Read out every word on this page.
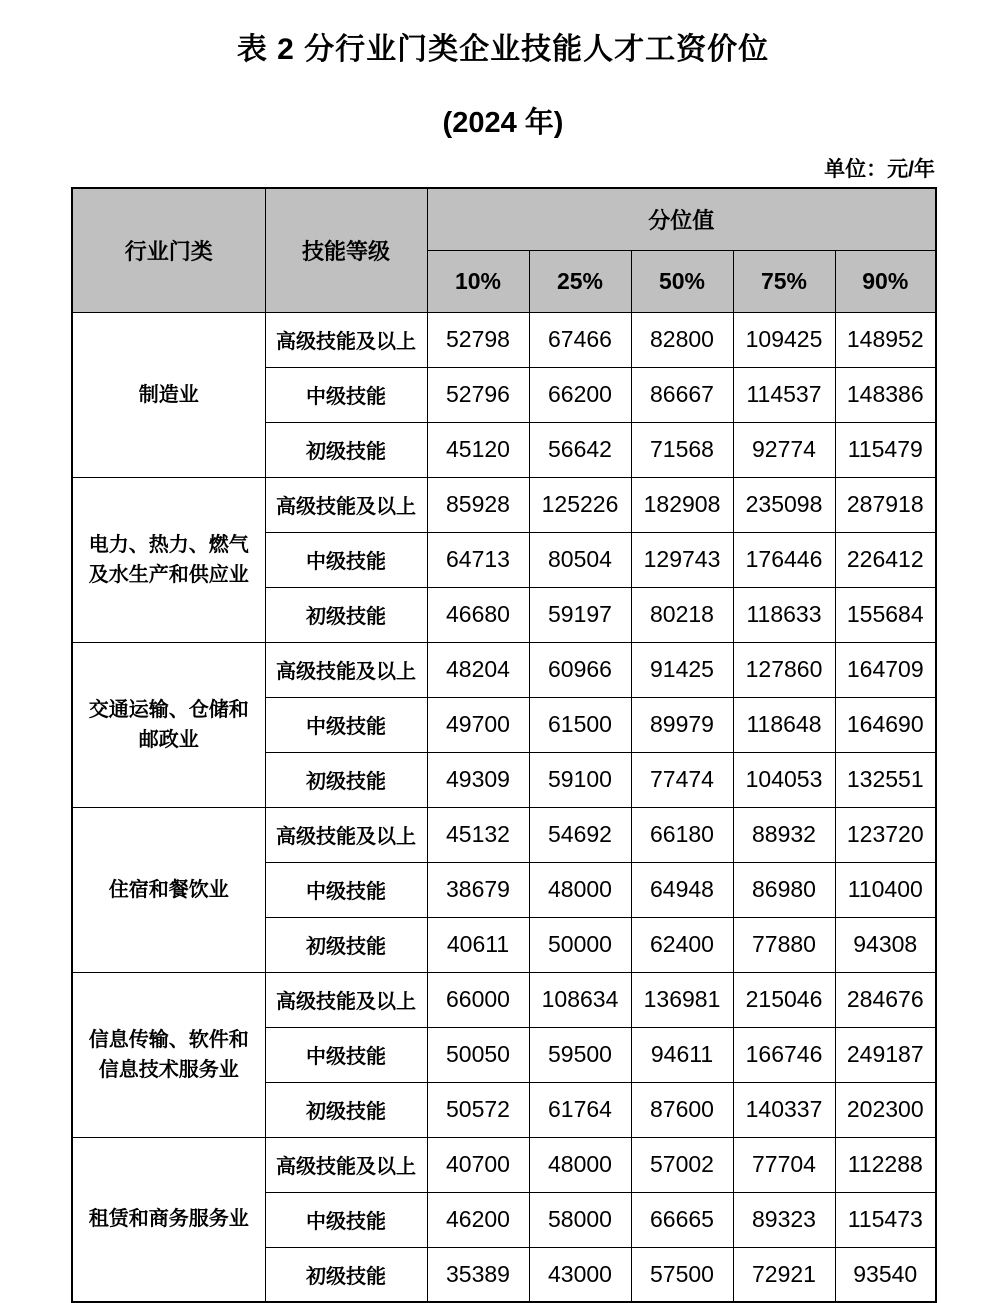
表 2 分行业门类企业技能人才工资价位
(2024 年)
单位：元/年
行业门类	技能等级	分位值				
		10%	25%	50%	75%	90%
制造业	高级技能及以上	52798	67466	82800	109425	148952
	中级技能	52796	66200	86667	114537	148386
	初级技能	45120	56642	71568	92774	115479
电力、热力、燃气及水生产和供应业	高级技能及以上	85928	125226	182908	235098	287918
	中级技能	64713	80504	129743	176446	226412
	初级技能	46680	59197	80218	118633	155684
交通运输、仓储和邮政业	高级技能及以上	48204	60966	91425	127860	164709
	中级技能	49700	61500	89979	118648	164690
	初级技能	49309	59100	77474	104053	132551
住宿和餐饮业	高级技能及以上	45132	54692	66180	88932	123720
	中级技能	38679	48000	64948	86980	110400
	初级技能	40611	50000	62400	77880	94308
信息传输、软件和信息技术服务业	高级技能及以上	66000	108634	136981	215046	284676
	中级技能	50050	59500	94611	166746	249187
	初级技能	50572	61764	87600	140337	202300
租赁和商务服务业	高级技能及以上	40700	48000	57002	77704	112288
	中级技能	46200	58000	66665	89323	115473
	初级技能	35389	43000	57500	72921	93540
